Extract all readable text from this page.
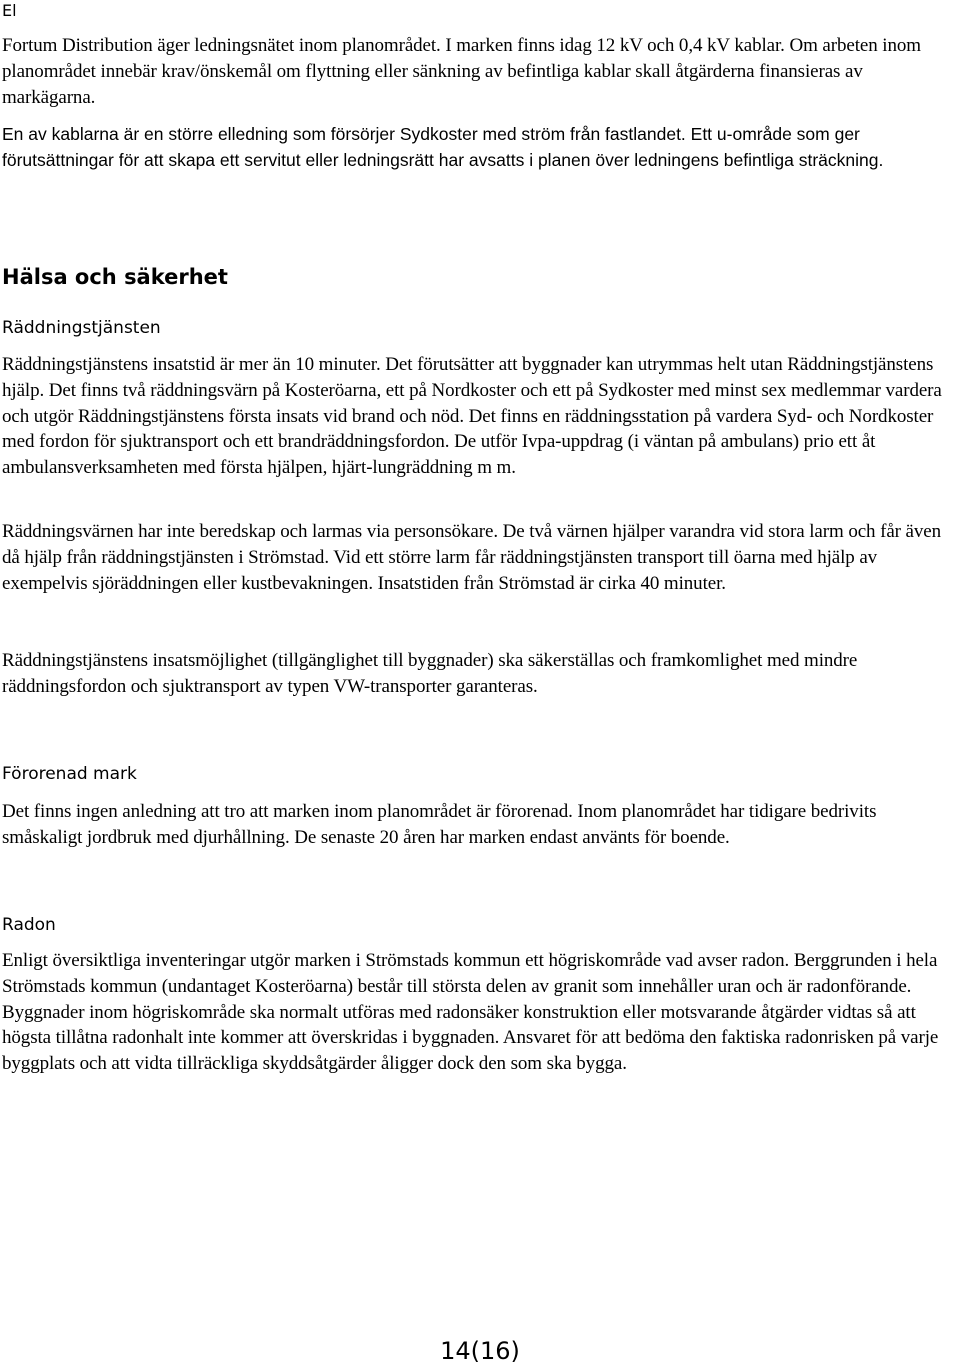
El

Fortum Distribution äger ledningsnätet inom planområdet. I marken finns idag 12 kV och 0,4 kV kablar. Om arbeten inom planområdet innebär krav/önskemål om flyttning eller sänkning av befintliga kablar skall åtgärderna finansieras av markägarna.

En av kablarna är en större elledning som försörjer Sydkoster med ström från fastlandet. Ett u-område som ger förutsättningar för att skapa ett servitut eller ledningsrätt har avsatts i planen över ledningens befintliga sträckning.

Hälsa och säkerhet
Räddningstjänsten

Räddningstjänstens insatstid är mer än 10 minuter. Det förutsätter att byggnader kan utrymmas helt utan Räddningstjänstens hjälp. Det finns två räddningsvärn på Kosteröarna, ett på Nordkoster och ett på Sydkoster med minst sex medlemmar vardera och utgör Räddningstjänstens första insats vid brand och nöd. Det finns en räddningsstation på vardera Syd- och Nordkoster med fordon för sjuktransport och ett brandräddningsfordon. De utför Ivpa-uppdrag (i väntan på ambulans) prio ett åt ambulansverksamheten med första hjälpen, hjärt-lungräddning m m.

Räddningsvärnen har inte beredskap och larmas via personsökare. De två värnen hjälper varandra vid stora larm och får även då hjälp från räddningstjänsten i Strömstad. Vid ett större larm får räddningstjänsten transport till öarna med hjälp av exempelvis sjöräddningen eller kustbevakningen. Insatstiden från Strömstad är cirka 40 minuter.

Räddningstjänstens insatsmöjlighet (tillgänglighet till byggnader) ska säkerställas och framkomlighet med mindre räddningsfordon och sjuktransport av typen VW-transporter garanteras.

Förorenad mark

Det finns ingen anledning att tro att marken inom planområdet är förorenad. Inom planområdet har tidigare bedrivits småskaligt jordbruk med djurhållning. De senaste 20 åren har marken endast använts för boende.

Radon

Enligt översiktliga inventeringar utgör marken i Strömstads kommun ett högriskområde vad avser radon. Berggrunden i hela Strömstads kommun (undantaget Kosteröarna) består till största delen av granit som innehåller uran och är radonförande. Byggnader inom högriskområde ska normalt utföras med radonsäker konstruktion eller motsvarande åtgärder vidtas så att högsta tillåtna radonhalt inte kommer att överskridas i byggnaden. Ansvaret för att bedöma den faktiska radonrisken på varje byggplats och att vidta tillräckliga skyddsåtgärder åligger dock den som ska bygga.

14(16)
